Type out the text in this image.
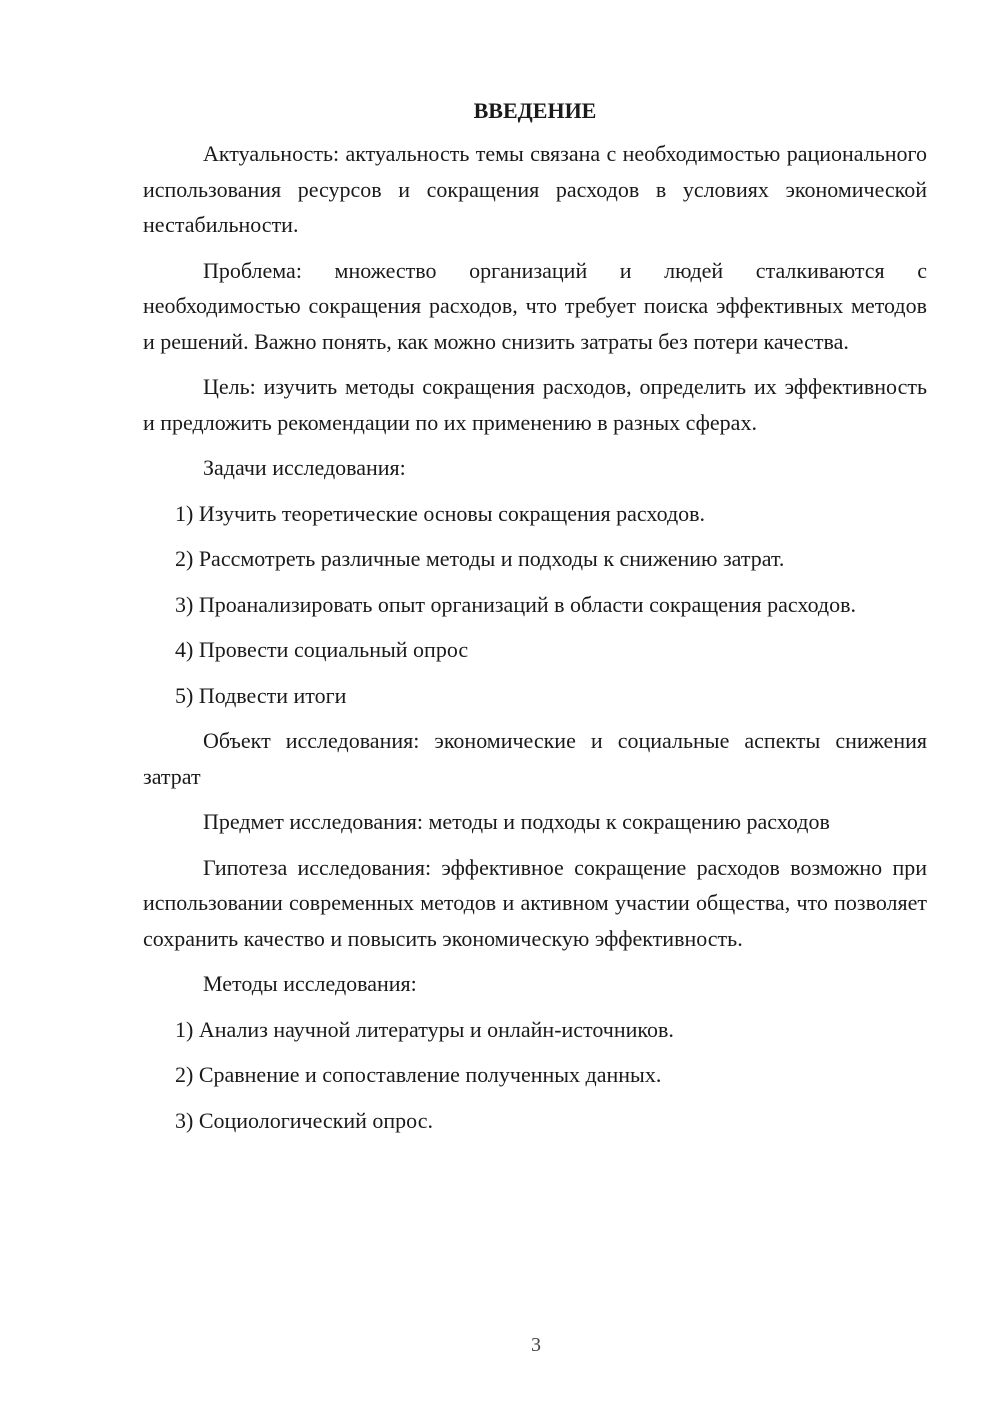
ВВЕДЕНИЕ

Актуальность: актуальность темы связана с необходимостью рационального использования ресурсов и сокращения расходов в условиях экономической нестабильности.

Проблема: множество организаций и людей сталкиваются с необходимостью сокращения расходов, что требует поиска эффективных методов и решений. Важно понять, как можно снизить затраты без потери качества.

Цель: изучить методы сокращения расходов, определить их эффективность и предложить рекомендации по их применению в разных сферах.

Задачи исследования:

1) Изучить теоретические основы сокращения расходов.

2) Рассмотреть различные методы и подходы к снижению затрат.

3) Проанализировать опыт организаций в области сокращения расходов.

4) Провести социальный опрос

5) Подвести итоги

Объект исследования: экономические и социальные аспекты снижения затрат

Предмет исследования: методы и подходы к сокращению расходов

Гипотеза исследования: эффективное сокращение расходов возможно при использовании современных методов и активном участии общества, что позволяет сохранить качество и повысить экономическую эффективность.

Методы исследования:

1) Анализ научной литературы и онлайн-источников.

2) Сравнение и сопоставление полученных данных.

3) Социологический опрос.

3
